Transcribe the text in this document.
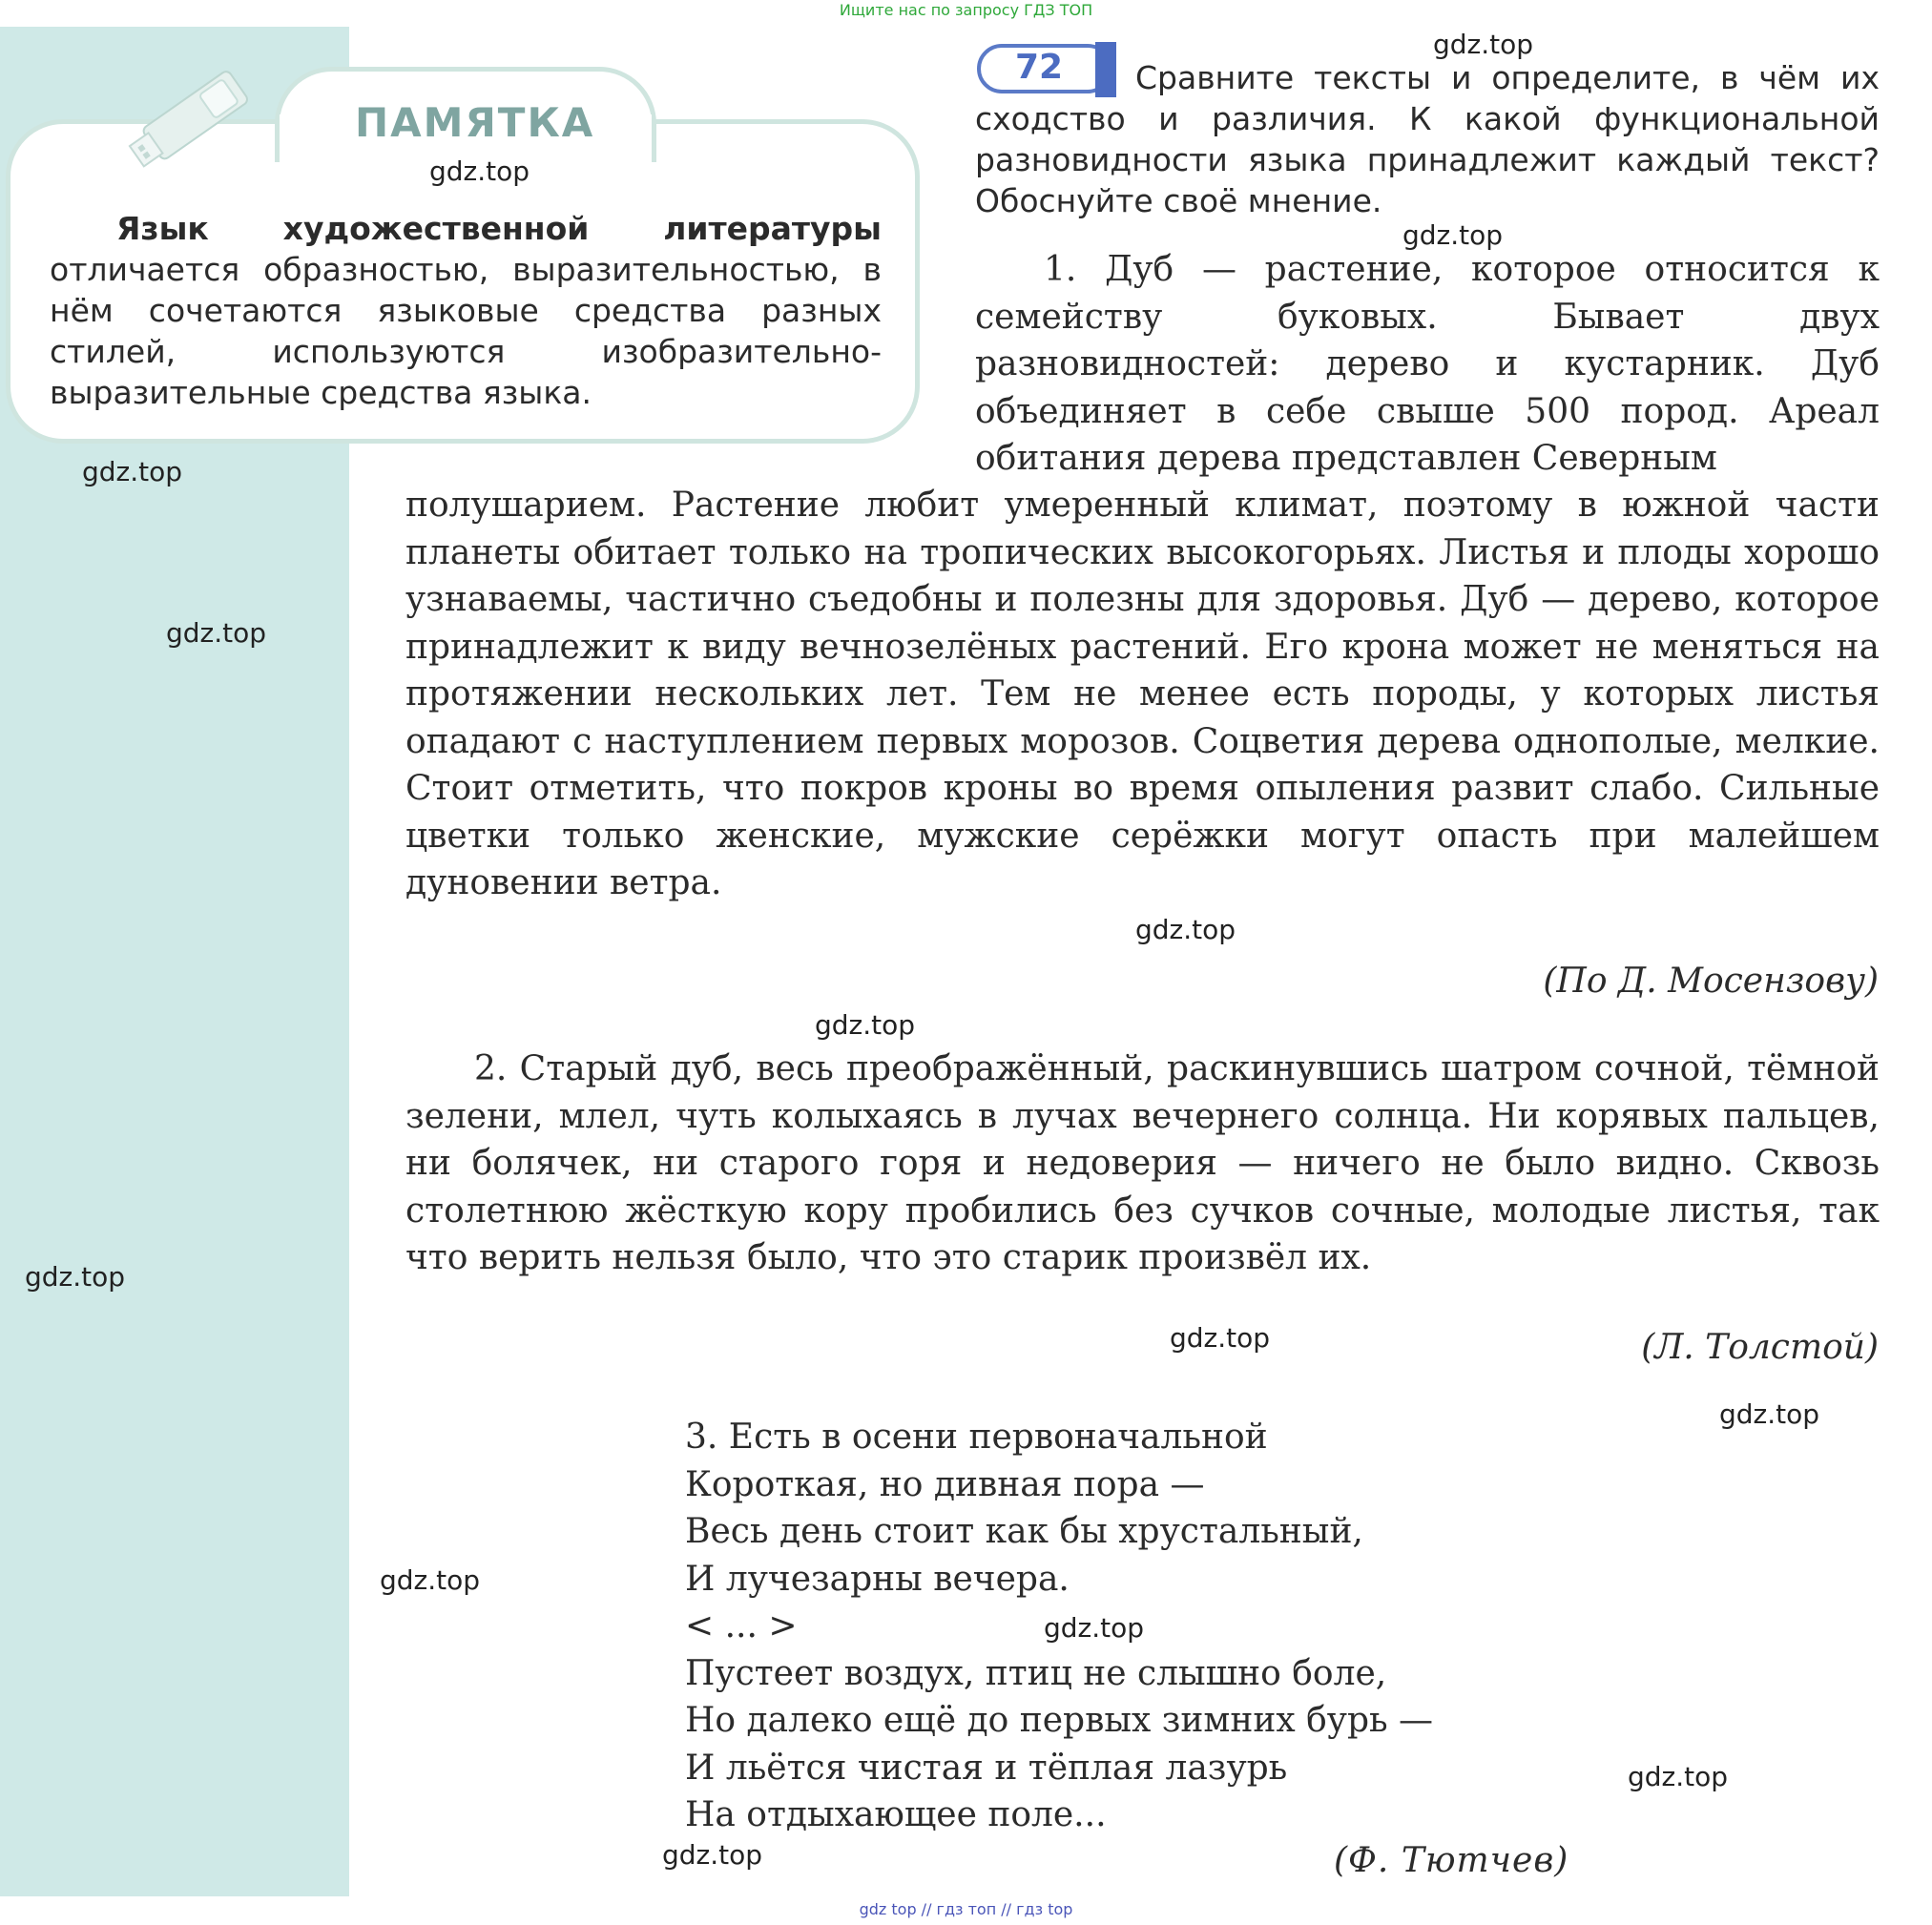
Ищите нас по запросу ГДЗ ТОП
ПАМЯТКА

Язык художественной литературы отличается образностью, выразительностью, в нём сочетаются языковые средства разных стилей, используются изобразительно-выразительные средства языка.

72	Сравните тексты и определите, в чём их сходство и различия. К какой функциональной разновидности языка принадлежит каждый текст? Обоснуйте своё мнение.

1. Дуб — растение, которое относится к семейству буковых. Бывает двух разновидностей: дерево и кустарник. Дуб объединяет в себе свыше 500 пород. Ареал обитания дерева представлен Северным

полушарием. Растение любит умеренный климат, поэтому в южной части планеты обитает только на тропических высокогорьях. Листья и плоды хорошо узнаваемы, частично съедобны и полезны для здоровья. Дуб — дерево, которое принадлежит к виду вечнозелёных растений. Его крона может не меняться на протяжении нескольких лет. Тем не менее есть породы, у которых листья опадают с наступлением первых морозов. Соцветия дерева однополые, мелкие. Стоит отметить, что покров кроны во время опыления развит слабо. Сильные цветки только женские, мужские серёжки могут опасть при малейшем дуновении ветра.

(По Д. Мосензову)

2. Старый дуб, весь преображённый, раскинувшись шатром сочной, тёмной зелени, млел, чуть колыхаясь в лучах вечернего солнца. Ни корявых пальцев, ни болячек, ни старого горя и недоверия — ничего не было видно. Сквозь столетнюю жёсткую кору пробились без сучков сочные, молодые листья, так что верить нельзя было, что это старик произвёл их.

(Л. Толстой)
3. Есть в осени первоначальной
Короткая, но дивная пора —
Весь день стоит как бы хрустальный,
И лучезарны вечера.
< ... >
Пустеет воздух, птиц не слышно боле,
Но далеко ещё до первых зимних бурь —
И льётся чистая и тёплая лазурь
На отдыхающее поле...
(Ф. Тютчев)
gdz.top
gdz.top
gdz.top
gdz.top
gdz.top
gdz.top
gdz.top
gdz.top
gdz.top
gdz.top
gdz.top
gdz.top
gdz.top
gdz.top
gdz top // гдз топ // гдз top
